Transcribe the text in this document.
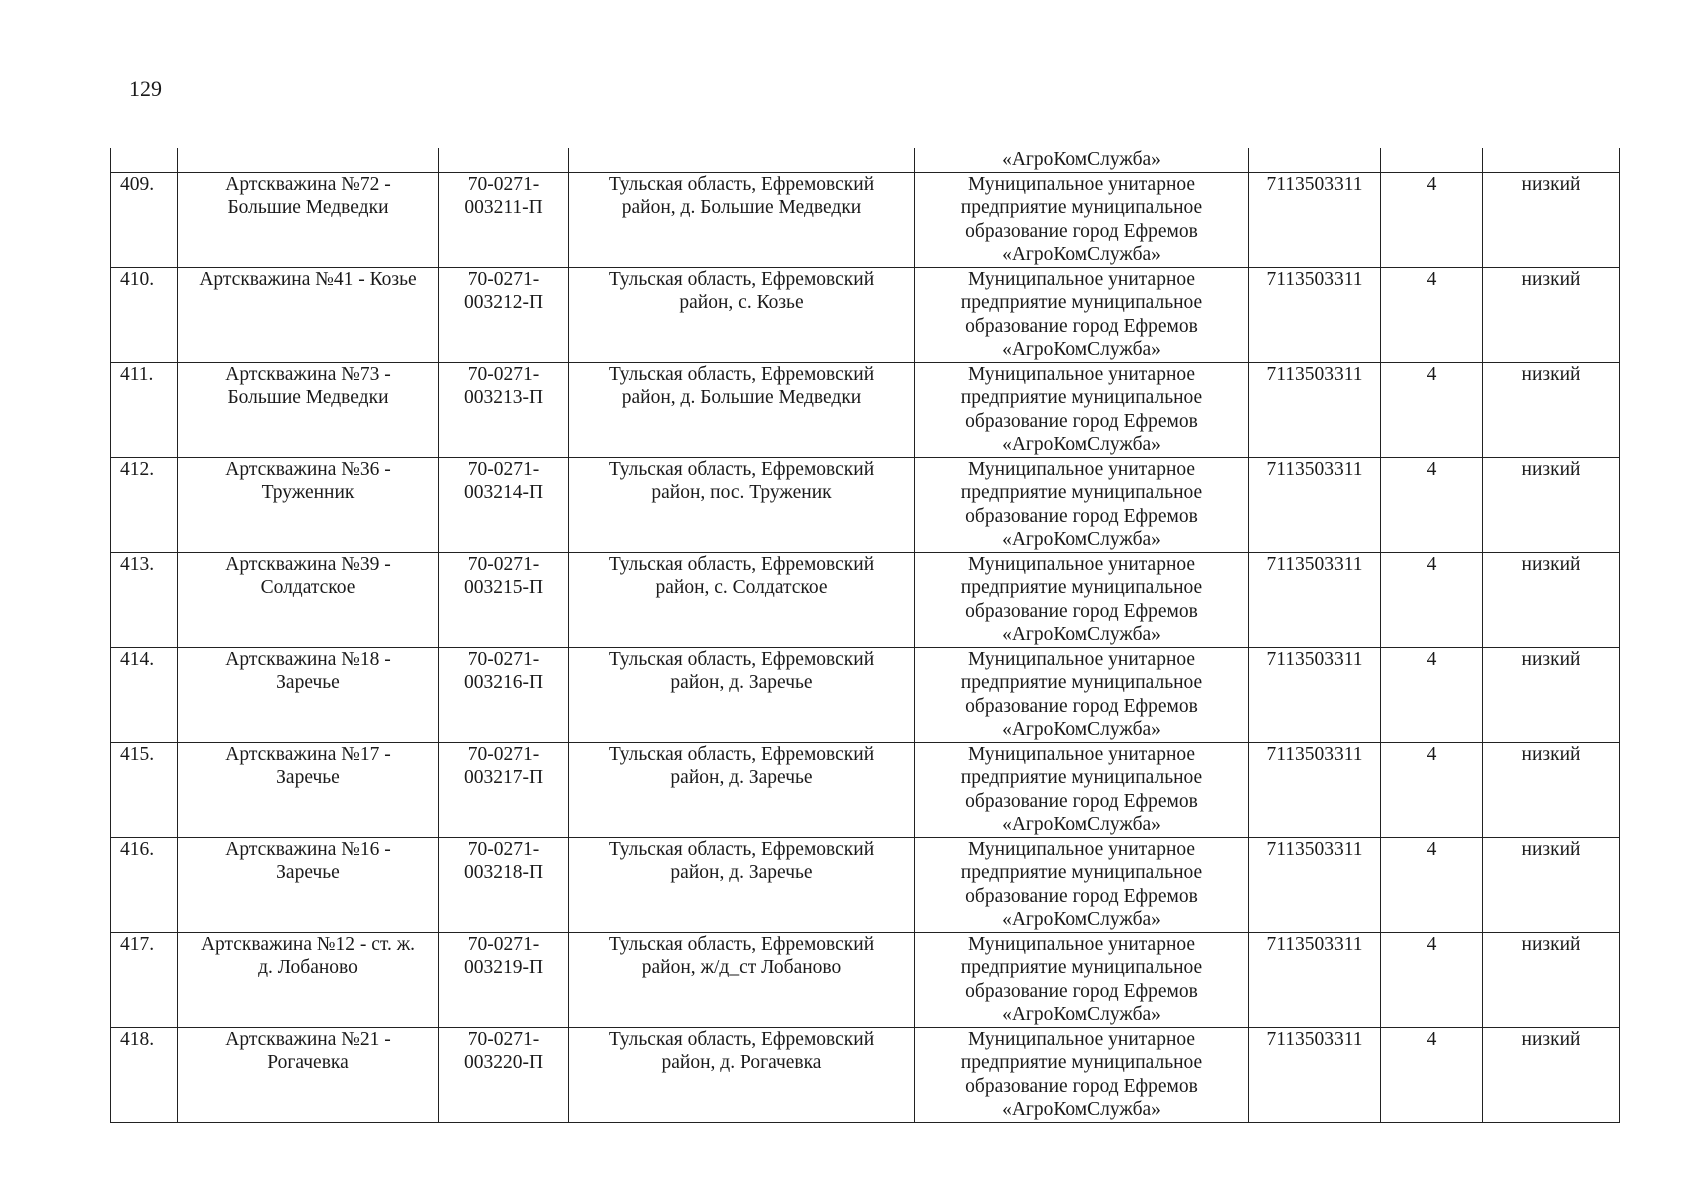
129

				«АгроКомСлужба»			

409.	Артскважина №72 -
Большие Медведки	70-0271-
003211-П	Тульская область, Ефремовский
район, д. Большие Медведки	Муниципальное унитарное
предприятие муниципальное
образование город Ефремов
«АгроКомСлужба»	7113503311	4	низкий

410.	Артскважина №41 - Козье	70-0271-
003212-П	Тульская область, Ефремовский
район, с. Козье	Муниципальное унитарное
предприятие муниципальное
образование город Ефремов
«АгроКомСлужба»	7113503311	4	низкий

411.	Артскважина №73 -
Большие Медведки	70-0271-
003213-П	Тульская область, Ефремовский
район, д. Большие Медведки	Муниципальное унитарное
предприятие муниципальное
образование город Ефремов
«АгроКомСлужба»	7113503311	4	низкий

412.	Артскважина №36 -
Труженник	70-0271-
003214-П	Тульская область, Ефремовский
район, пос. Труженик	Муниципальное унитарное
предприятие муниципальное
образование город Ефремов
«АгроКомСлужба»	7113503311	4	низкий

413.	Артскважина №39 -
Солдатское	70-0271-
003215-П	Тульская область, Ефремовский
район, с. Солдатское	Муниципальное унитарное
предприятие муниципальное
образование город Ефремов
«АгроКомСлужба»	7113503311	4	низкий

414.	Артскважина №18 -
Заречье	70-0271-
003216-П	Тульская область, Ефремовский
район, д. Заречье	Муниципальное унитарное
предприятие муниципальное
образование город Ефремов
«АгроКомСлужба»	7113503311	4	низкий

415.	Артскважина №17 -
Заречье	70-0271-
003217-П	Тульская область, Ефремовский
район, д. Заречье	Муниципальное унитарное
предприятие муниципальное
образование город Ефремов
«АгроКомСлужба»	7113503311	4	низкий

416.	Артскважина №16 -
Заречье	70-0271-
003218-П	Тульская область, Ефремовский
район, д. Заречье	Муниципальное унитарное
предприятие муниципальное
образование город Ефремов
«АгроКомСлужба»	7113503311	4	низкий

417.	Артскважина №12 - ст. ж.
д. Лобаново	70-0271-
003219-П	Тульская область, Ефремовский
район, ж/д_ст Лобаново	Муниципальное унитарное
предприятие муниципальное
образование город Ефремов
«АгроКомСлужба»	7113503311	4	низкий

418.	Артскважина №21 -
Рогачевка	70-0271-
003220-П	Тульская область, Ефремовский
район, д. Рогачевка	Муниципальное унитарное
предприятие муниципальное
образование город Ефремов
«АгроКомСлужба»	7113503311	4	низкий
